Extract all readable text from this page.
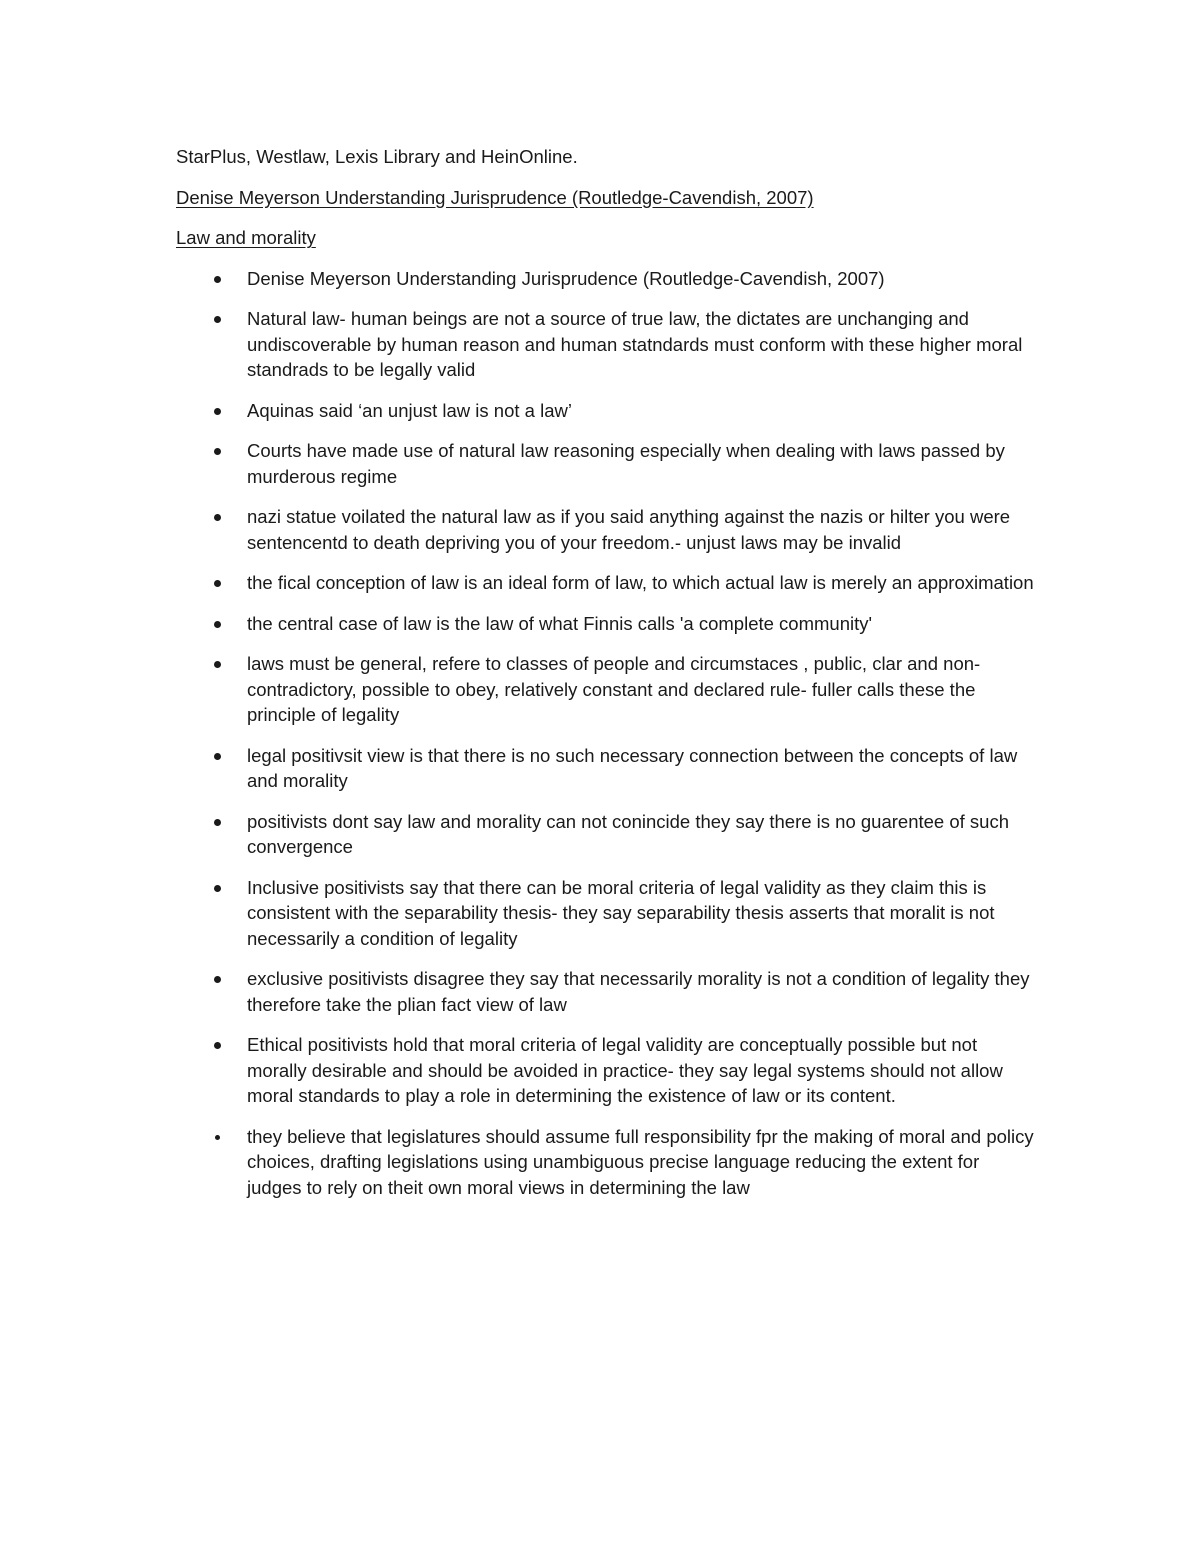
StarPlus, Westlaw, Lexis Library and HeinOnline.

Denise Meyerson Understanding Jurisprudence (Routledge-Cavendish, 2007)

Law and morality

Denise Meyerson Understanding Jurisprudence (Routledge-Cavendish, 2007)
Natural law- human beings are not a source of true law, the dictates are unchanging and undiscoverable by human reason and human statndards must conform with these higher moral standrads to be legally valid
Aquinas said ‘an unjust law is not a law’
Courts have made use of natural law reasoning especially when dealing with laws passed by murderous regime
nazi statue voilated the natural law as if you said anything against the nazis or hilter you were sentencentd to death depriving you of your freedom.- unjust laws may be invalid
the fical conception of law is an ideal form of law, to which actual law is merely an approximation
the central case of law is the law of what Finnis calls 'a complete community'
laws must be general, refere to classes of people and circumstaces , public, clar and non-contradictory, possible to obey, relatively constant and declared rule- fuller calls these the principle of legality
legal positivsit view is that there is no such necessary connection between the concepts of law and morality
positivists dont say law and morality can not conincide they say there is no guarentee of such convergence
Inclusive positivists say that there can be moral criteria of legal validity as they claim this is consistent with the separability thesis- they say separability thesis asserts that moralit is not necessarily a condition of legality
exclusive positivists disagree they say that necessarily morality is not a condition of legality they therefore take the plian fact view of law
Ethical positivists hold that moral criteria of legal validity are conceptually possible but not morally desirable and should be avoided in practice- they say legal systems should not allow moral standards to play a role in determining the existence of law or its content.
they believe that legislatures should assume full responsibility fpr the making of moral and policy choices, drafting legislations using unambiguous precise language reducing the extent for judges to rely on theit own moral views in determining the law
